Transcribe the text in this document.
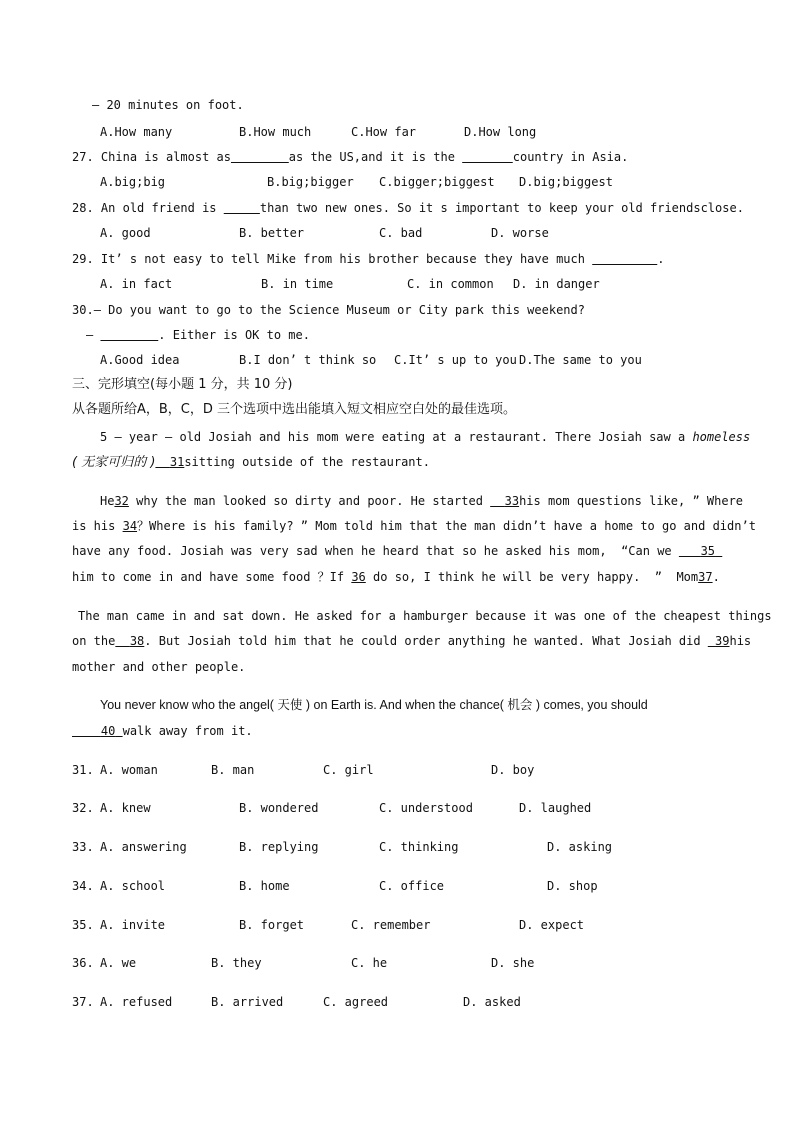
— 20 minutes on foot.
A.How many	B.How much	C.How far	D.How long
27. China is almost as	as the US,and it is the	country in Asia.
A.big;big	B.big;bigger C.bigger;biggest D.big;biggest
28. An old friend is	than two new ones. So it s important to keep your old friendsclose.
A. good	B. better	C. bad	D. worse
29. It’ s not easy to tell Mike from his brother because they have much	.
A. in fact	B. in time	C. in common D. in danger
30.— Do you want to go to the Science Museum or City park this weekend?
—	. Either is OK to me.
A.Good idea	B.I don’ t think so C.It’ s up to you D.The same to you
三、完形填空(每小题 1 分，共 10 分)
从各题所给A，B，C，D 三个选项中选出能填入短文相应空白处的最佳选项。
5 – year – old Josiah and his mom were eating at a restaurant. There Josiah saw a homeless
( 无家可归的 ) 31sitting outside of the restaurant.
He32 why the man looked so dirty and poor. He started 33his mom questions like, ” Where
is his 34？Where is his family? ” Mom told him that the man didn’t have a home to go and didn’t
have any food. Josiah was very sad when he heard that so he asked his mom,  “Can we 35
him to come in and have some food ？If 36 do so, I think he will be very happy.  ”  Mom37.
The man came in and sat down. He asked for a hamburger because it was one of the cheapest things
on the 38. But Josiah told him that he could order anything he wanted. What Josiah did 39his
mother and other people.
You never know who the angel( 天使 ) on Earth is. And when the chance( 机会 ) comes, you should
40 walk away from it.
31. A. woman	B. man	C. girl	D. boy
32. A. knew	B. wondered	C. understood	D. laughed
33. A. answering	B. replying	C. thinking	D. asking
34. A. school	B. home	C. office	D. shop
35. A. invite	B. forget	C. remember	D. expect
36. A. we	B. they	C. he	D. she
37. A. refused	B. arrived	C. agreed	D. asked
